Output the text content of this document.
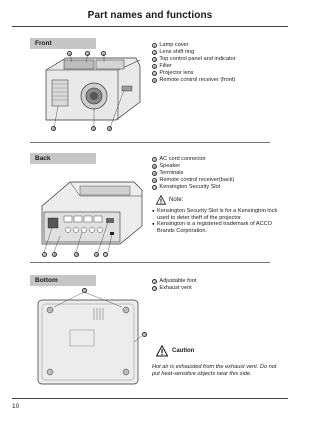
Part names and functions
Front
④	③	①
⑤	②	⑥
① Lamp cover
② Lens shift ring
③ Top control panel and indicator
④ Filter
⑤ Projector lens
⑥ Remote control receiver (front)
Back
⑦ ⑧	⑨	⑩ ⑪
⑦ AC cord connector
⑧ Speaker
⑨ Terminals
⑩ Remote control receiver(back)
⑪ Kensington Security Slot
Note:
● Kensington Security Slot is for a Kensington lock used to deter theft of the projector.
● Kensington is a registered trademark of ACCO Brands Corporation.
Bottom
⑫
⑬
⑫ Adjustable foot
⑬ Exhaust vent
Caution
Hot air is exhausted from the exhaust vent. Do not put heat-sensitive objects near this side.
10
